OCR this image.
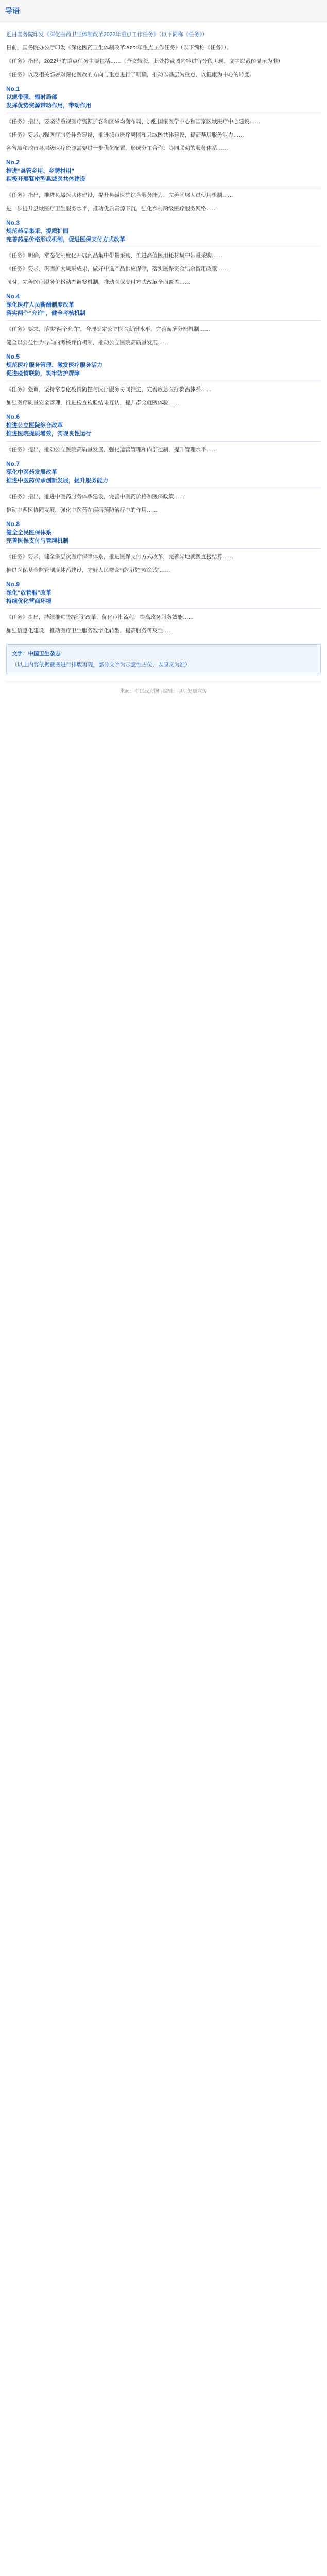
导语
近日国务院印发《深化医药卫生体制改革2022年重点工作任务》（以下简称《任务》）

日前，国务院办公厅印发《深化医药卫生体制改革2022年重点工作任务》（以下简称《任务》）。

《任务》指出，2022年的重点任务主要包括……（全文较长，此处按截图内容进行分段再现，文字以截图显示为准）

《任务》以及相关部署对深化医改的方向与重点进行了明确，推动以基层为重点、以健康为中心的转变。

No.1
以规带强、辐射局部
发挥优势资源带动作用，带动作用

《任务》指出，要坚持重视医疗资源扩容和区域均衡布局，加强国家医学中心和国家区域医疗中心建设……

《任务》要求加强医疗服务体系建设，推进城市医疗集团和县域医共体建设，提高基层服务能力……

各省域和地市县层级医疗资源需要进一步优化配置，形成分工合作、协同联动的服务体系……

No.2
推进“县管乡用、乡聘村用”
积极开展紧密型县域医共体建设

《任务》指出，推进县域医共体建设，提升县级医院综合服务能力，完善基层人员使用机制……

进一步提升县域医疗卫生服务水平，推动优质资源下沉，强化乡村两级医疗服务网络……

No.3
规范药品集采、提质扩面
完善药品价格形成机制，促进医保支付方式改革

《任务》明确，常态化制度化开展药品集中带量采购，推进高值医用耗材集中带量采购……

《任务》要求，巩固扩大集采成果，做好中选产品供应保障，落实医保资金结余留用政策……

同时，完善医疗服务价格动态调整机制，推动医保支付方式改革全面覆盖……

No.4
深化医疗人员薪酬制度改革
落实两个“允许”，健全考核机制

《任务》要求，落实“两个允许”，合理确定公立医院薪酬水平，完善薪酬分配机制……

健全以公益性为导向的考核评价机制，推动公立医院高质量发展……

No.5
规范医疗服务管理、激发医疗服务活力
促进疫情联防，筑牢防护屏障

《任务》强调，坚持常态化疫情防控与医疗服务协同推进，完善应急医疗救治体系……

加强医疗质量安全管理，推进检查检验结果互认，提升群众就医体验……

No.6
推进公立医院综合改革
推进医院提质增效，实现良性运行

《任务》提出，推动公立医院高质量发展，强化运营管理和内部控制，提升管理水平……

No.7
深化中医药发展改革
推进中医药传承创新发展，提升服务能力

《任务》指出，推进中医药服务体系建设，完善中医药价格和医保政策……

推动中西医协同发展，强化中医药在疾病预防治疗中的作用……

No.8
健全全民医保体系
完善医保支付与管理机制

《任务》要求，健全多层次医疗保障体系，推进医保支付方式改革，完善异地就医直接结算……

推进医保基金监管制度体系建设，守好人民群众“看病钱”“救命钱”……

No.9
深化“放管服”改革
持续优化营商环境

《任务》提出，持续推进“放管服”改革，优化审批流程，提高政务服务效能……

加强信息化建设，推动医疗卫生服务数字化转型，提高服务可及性……

文字：中国卫生杂志
（以上内容依据截图进行排版再现，部分文字为示意性占位，以原文为准）
来源：中国政府网 | 编辑：卫生健康宣传
